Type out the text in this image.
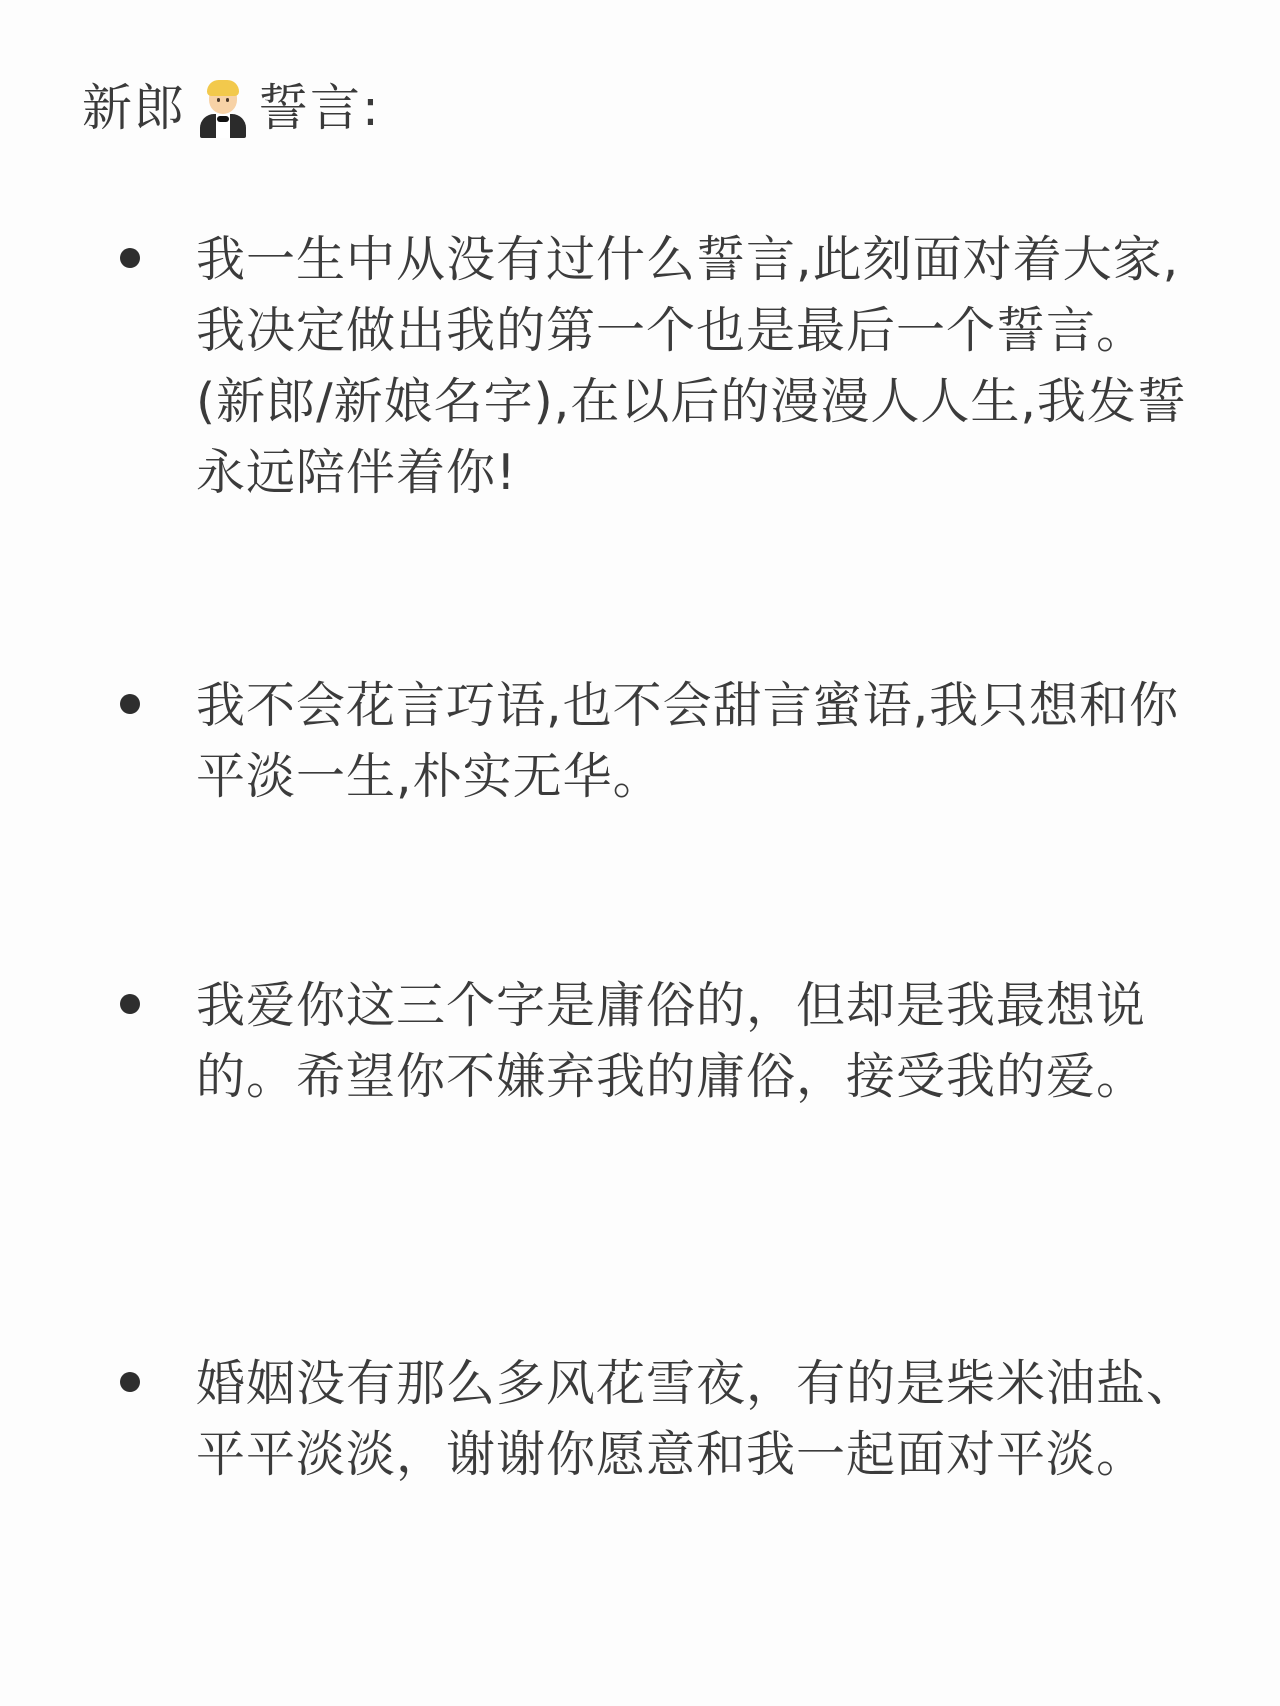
新郎 誓言:
我一生中从没有过什么誓言,此刻面对着大家,我决定做出我的第一个也是最后一个誓言。(新郎/新娘名字),在以后的漫漫人人生,我发誓永远陪伴着你!
我不会花言巧语,也不会甜言蜜语,我只想和你平淡一生,朴实无华。
我爱你这三个字是庸俗的，但却是我最想说的。希望你不嫌弃我的庸俗，接受我的爱。
婚姻没有那么多风花雪夜，有的是柴米油盐、平平淡淡，谢谢你愿意和我一起面对平淡。
